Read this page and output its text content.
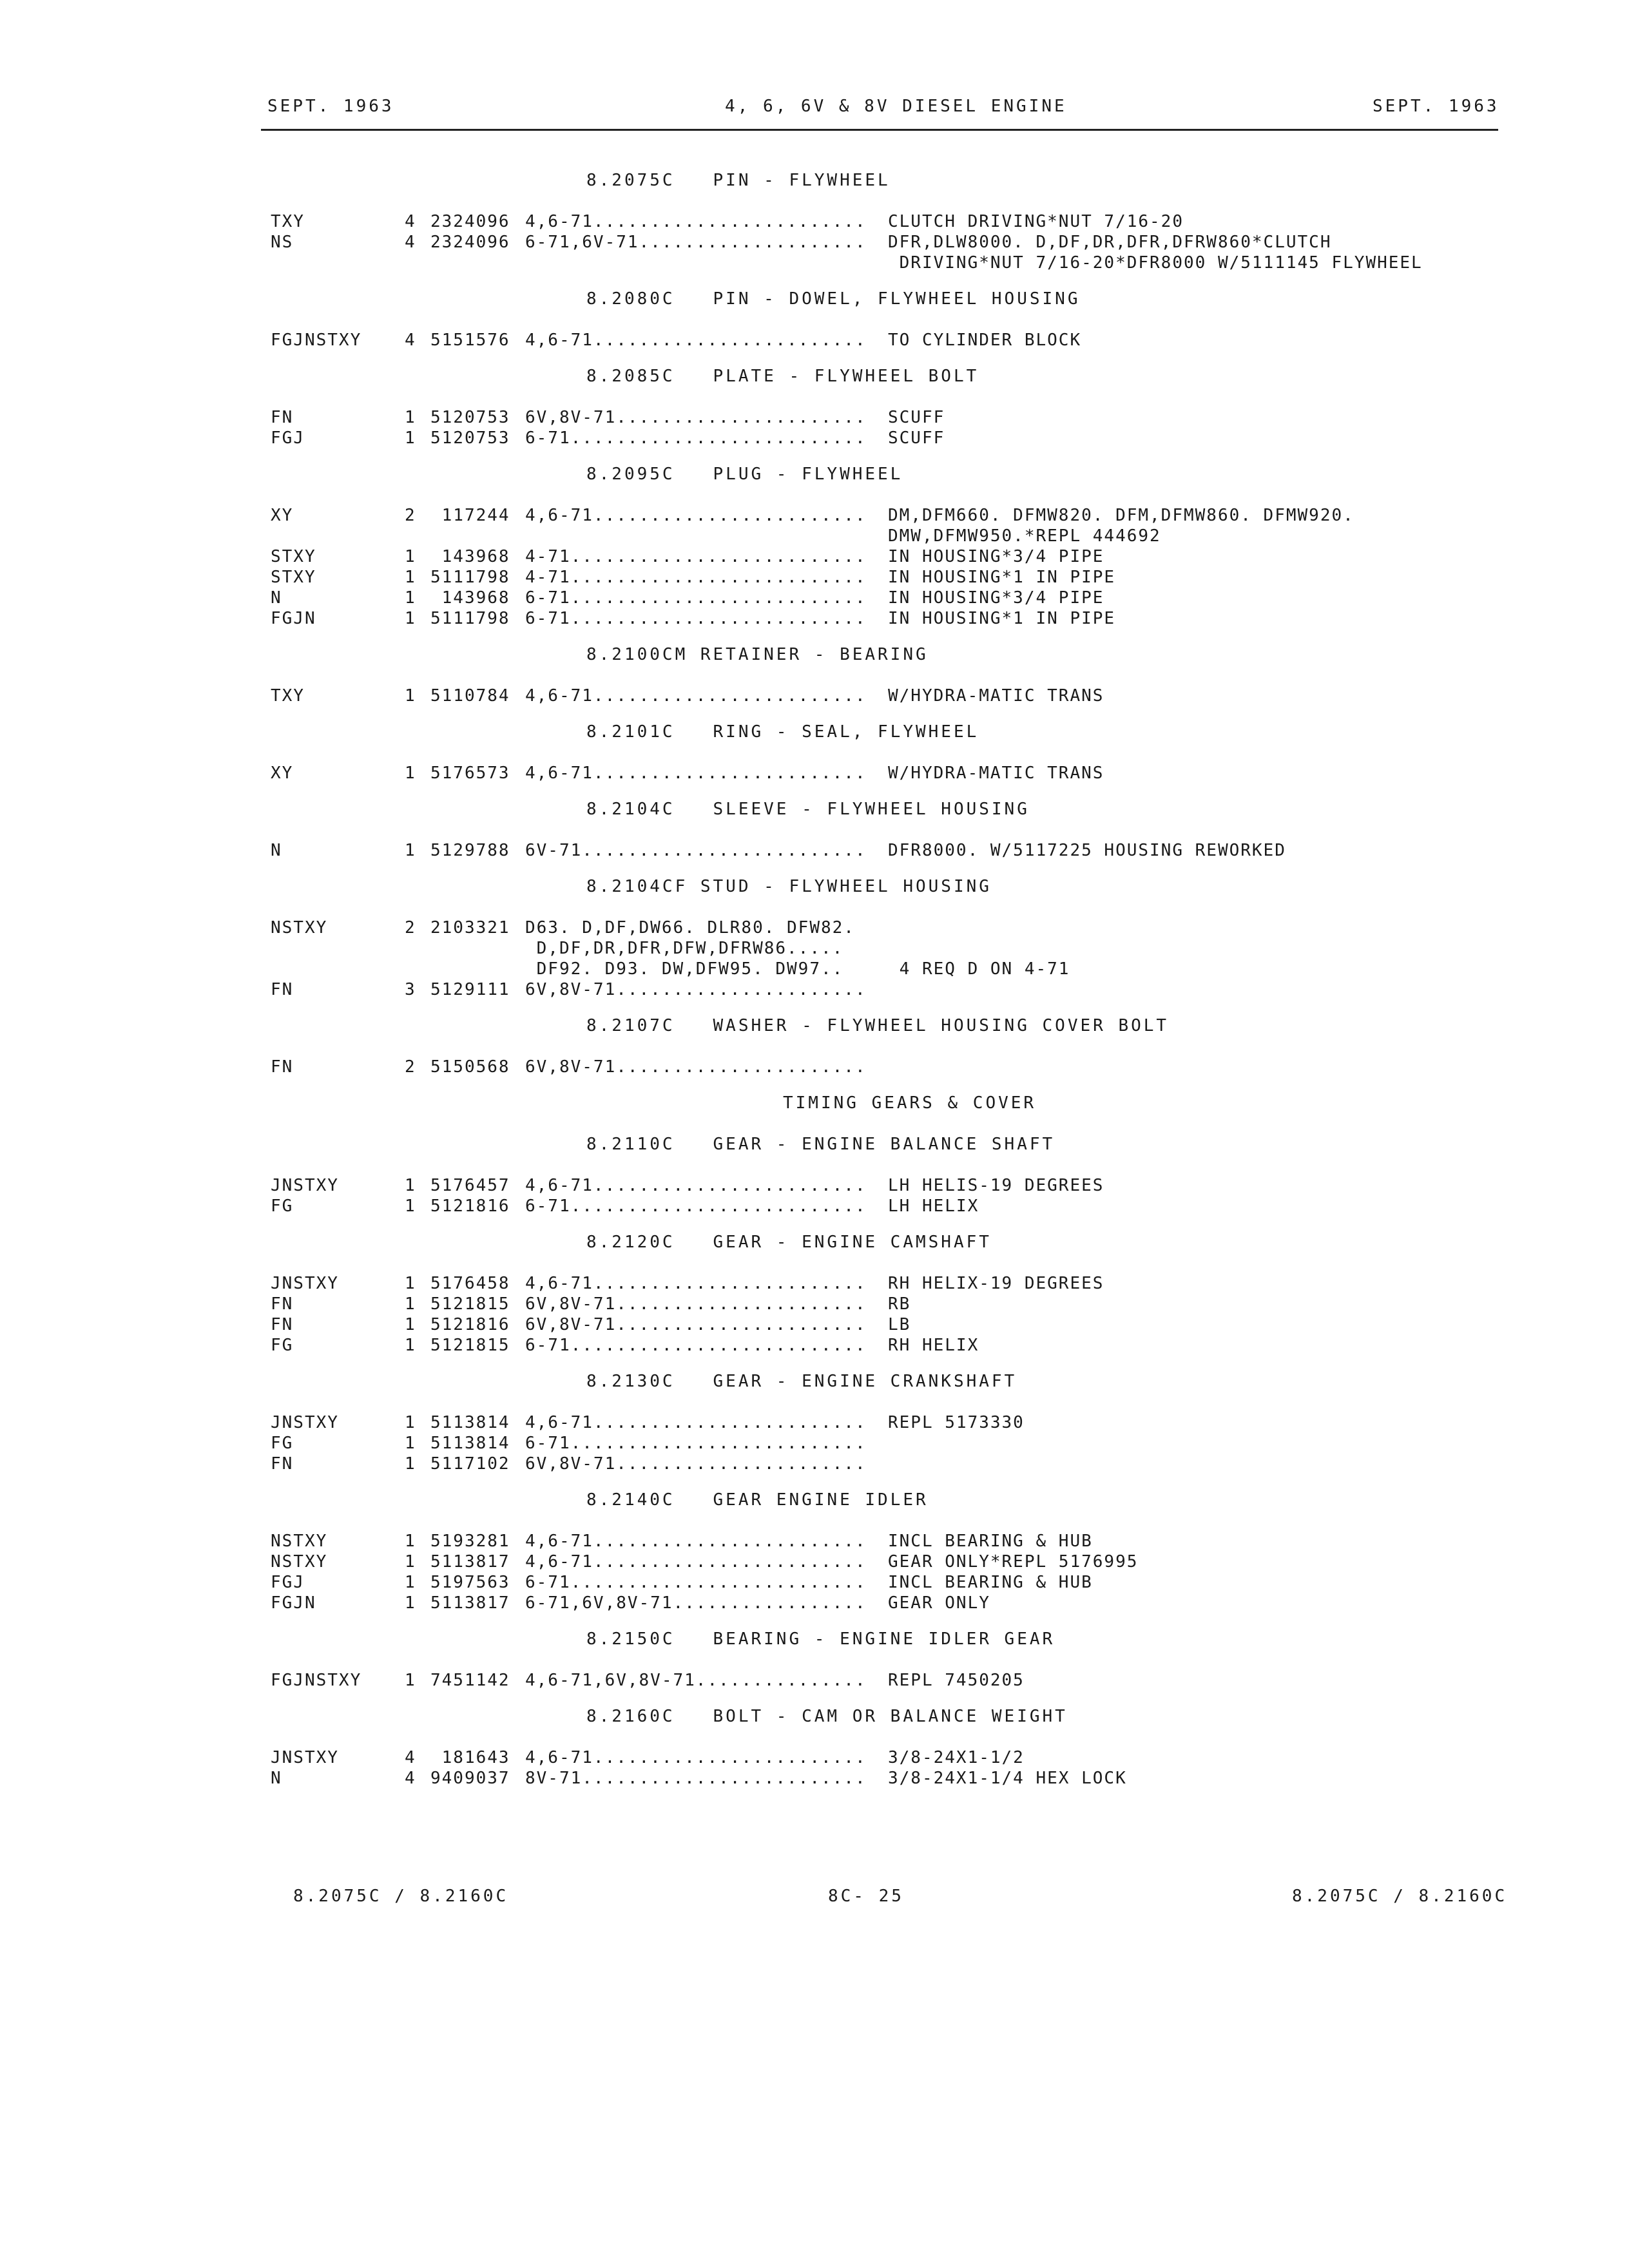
SEPT. 1963	4, 6, 6V & 8V DIESEL ENGINE	SEPT. 1963
8.2075C   PIN - FLYWHEEL
TXY	4 2324096 4,6-71........................ CLUTCH DRIVING*NUT 7/16-20
NS	4 2324096 6-71,6V-71.................... DFR,DLW8000. D,DF,DR,DFR,DFRW860*CLUTCH
DRIVING*NUT 7/16-20*DFR8000 W/5111145 FLYWHEEL
8.2080C   PIN - DOWEL, FLYWHEEL HOUSING
FGJNSTXY	4 5151576 4,6-71........................ TO CYLINDER BLOCK
8.2085C   PLATE - FLYWHEEL BOLT
FN	1 5120753 6V,8V-71...................... SCUFF
FGJ	1 5120753 6-71.......................... SCUFF
8.2095C   PLUG - FLYWHEEL
XY	2 117244 4,6-71........................ DM,DFM660. DFMW820. DFM,DFMW860. DFMW920.
DMW,DFMW950.*REPL 444692
STXY	1 143968 4-71.......................... IN HOUSING*3/4 PIPE
STXY	1 5111798 4-71.......................... IN HOUSING*1 IN PIPE
N	1 143968 6-71.......................... IN HOUSING*3/4 PIPE
FGJN	1 5111798 6-71.......................... IN HOUSING*1 IN PIPE
8.2100CM RETAINER - BEARING
TXY	1 5110784 4,6-71........................ W/HYDRA-MATIC TRANS
8.2101C   RING - SEAL, FLYWHEEL
XY	1 5176573 4,6-71........................ W/HYDRA-MATIC TRANS
8.2104C   SLEEVE - FLYWHEEL HOUSING
N	1 5129788 6V-71......................... DFR8000. W/5117225 HOUSING REWORKED
8.2104CF STUD - FLYWHEEL HOUSING
NSTXY	2 2103321 D63. D,DF,DW66. DLR80. DFW82.
D,DF,DR,DFR,DFW,DFRW86.....
DF92. D93. DW,DFW95. DW97..	4 REQ D ON 4-71
FN	3 5129111 6V,8V-71......................
8.2107C   WASHER - FLYWHEEL HOUSING COVER BOLT
FN	2 5150568 6V,8V-71......................
TIMING GEARS & COVER
8.2110C   GEAR - ENGINE BALANCE SHAFT
JNSTXY	1 5176457 4,6-71........................ LH HELIS-19 DEGREES
FG	1 5121816 6-71.......................... LH HELIX
8.2120C   GEAR - ENGINE CAMSHAFT
JNSTXY	1 5176458 4,6-71........................ RH HELIX-19 DEGREES
FN	1 5121815 6V,8V-71...................... RB
FN	1 5121816 6V,8V-71...................... LB
FG	1 5121815 6-71.......................... RH HELIX
8.2130C   GEAR - ENGINE CRANKSHAFT
JNSTXY	1 5113814 4,6-71........................ REPL 5173330
FG	1 5113814 6-71..........................
FN	1 5117102 6V,8V-71......................
8.2140C   GEAR ENGINE IDLER
NSTXY	1 5193281 4,6-71........................ INCL BEARING & HUB
NSTXY	1 5113817 4,6-71........................ GEAR ONLY*REPL 5176995
FGJ	1 5197563 6-71.......................... INCL BEARING & HUB
FGJN	1 5113817 6-71,6V,8V-71................. GEAR ONLY
8.2150C   BEARING - ENGINE IDLER GEAR
FGJNSTXY	1 7451142 4,6-71,6V,8V-71............... REPL 7450205
8.2160C   BOLT - CAM OR BALANCE WEIGHT
JNSTXY	4 181643 4,6-71........................ 3/8-24X1-1/2
N	4 9409037 8V-71......................... 3/8-24X1-1/4 HEX LOCK
8.2075C / 8.2160C	8C- 25	8.2075C / 8.2160C
